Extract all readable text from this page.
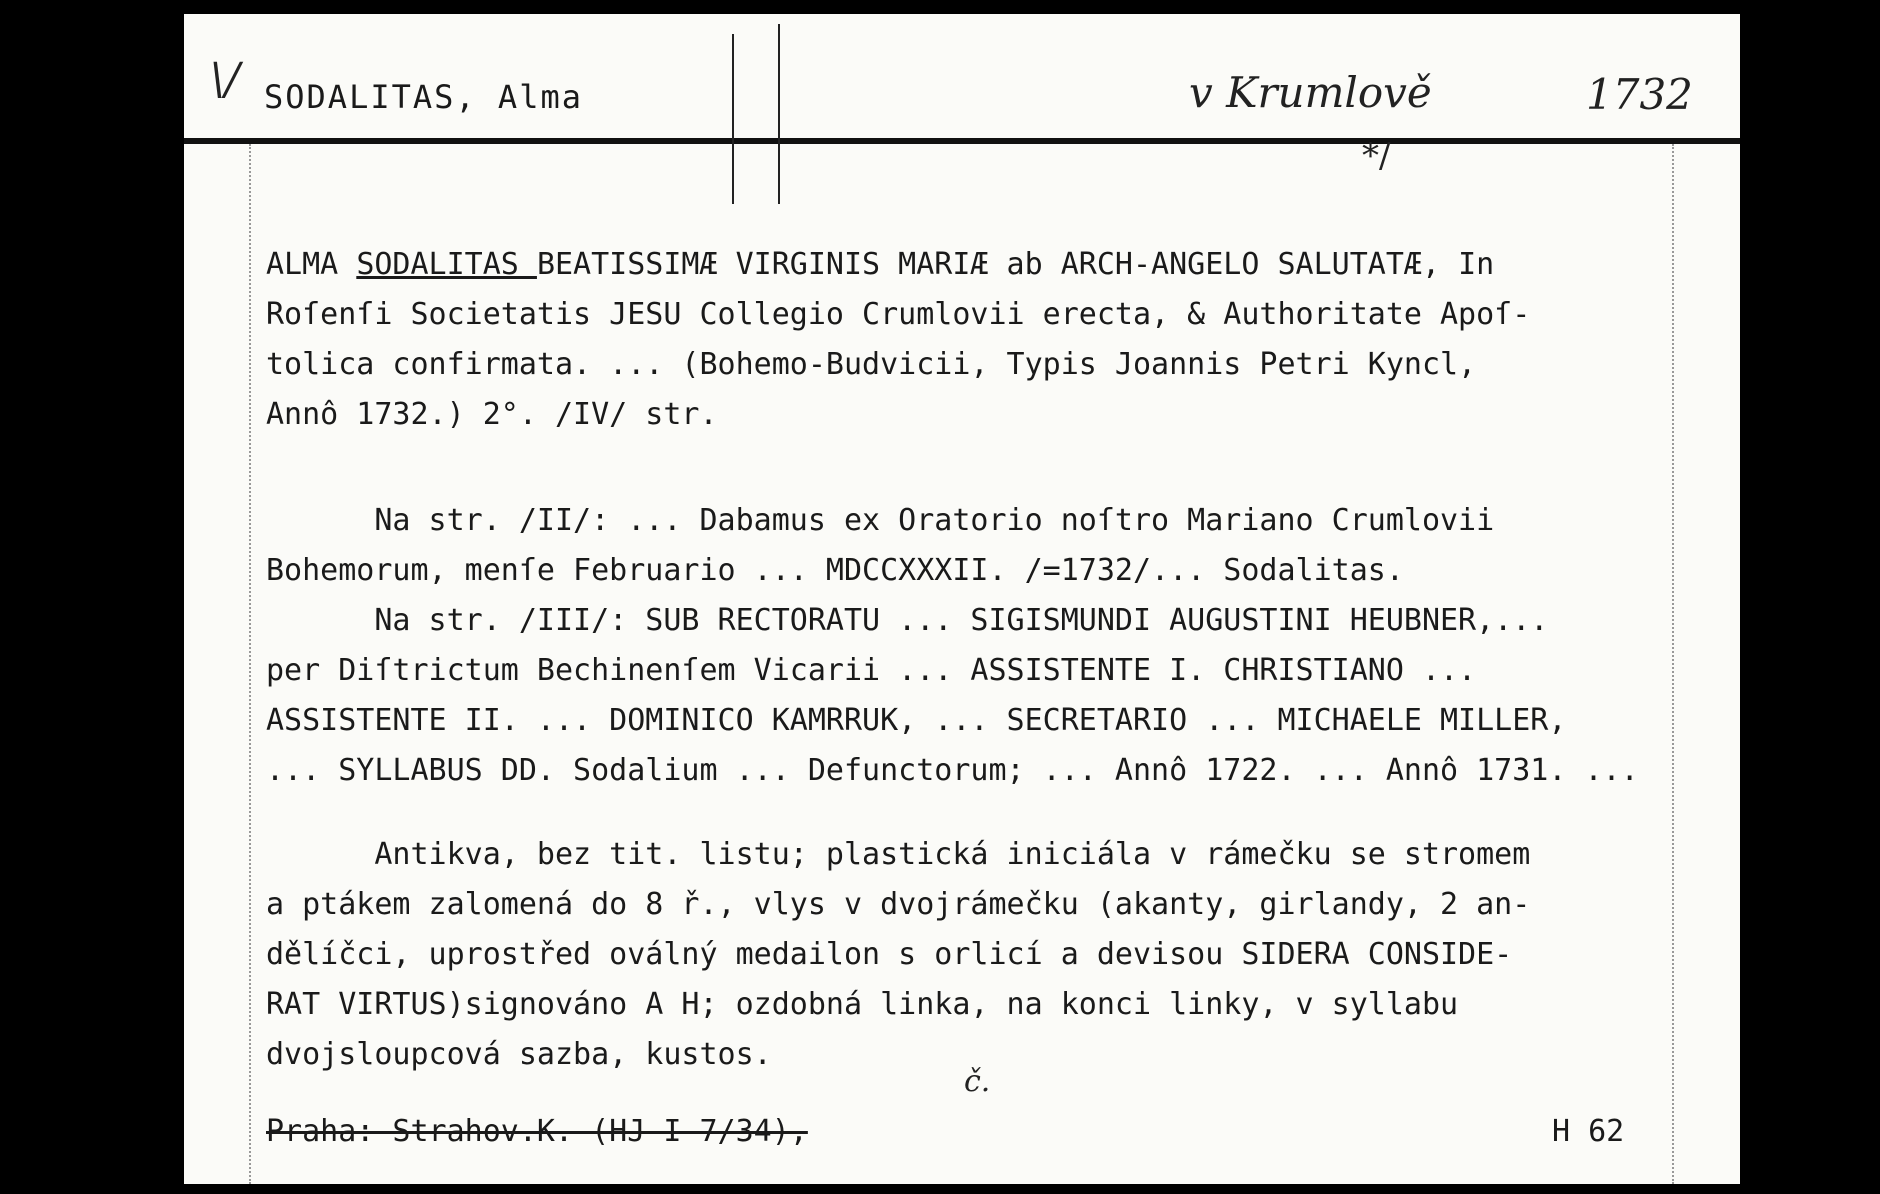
\/ SODALITAS, Alma	v Krumlově	1732
*/
ALMA SODALITAS BEATISSIMÆ VIRGINIS MARIÆ ab ARCH-ANGELO SALUTATÆ, In
Roſenſi Societatis JESU Collegio Crumlovii erecta, & Authoritate Apoſ-
tolica confirmata. ... (Bohemo-Budvicii, Typis Joannis Petri Kyncl,
Annô 1732.) 2°. /IV/ str.
Na str. /II/: ... Dabamus ex Oratorio noſtro Mariano Crumlovii
Bohemorum, menſe Februario ... MDCCXXXII. /=1732/... Sodalitas.
Na str. /III/: SUB RECTORATU ... SIGISMUNDI AUGUSTINI HEUBNER,...
per Diſtrictum Bechinenſem Vicarii ... ASSISTENTE I. CHRISTIANO ...
ASSISTENTE II. ... DOMINICO KAMRRUK, ... SECRETARIO ... MICHAELE MILLER,
... SYLLABUS DD. Sodalium ... Defunctorum; ... Annô 1722. ... Annô 1731. ...
Antikva, bez tit. listu; plastická iniciála v rámečku se stromem
a ptákem zalomená do 8 ř., vlys v dvojrámečku (akanty, girlandy, 2 an-
dělíčci, uprostřed oválný medailon s orlicí a devisou SIDERA CONSIDE-
RAT VIRTUS)signováno A H; ozdobná linka, na konci linky, v syllabu
dvojsloupcová sazba, kustos.
č.
Praha: Strahov.K. (HJ I 7/34),	H 62
